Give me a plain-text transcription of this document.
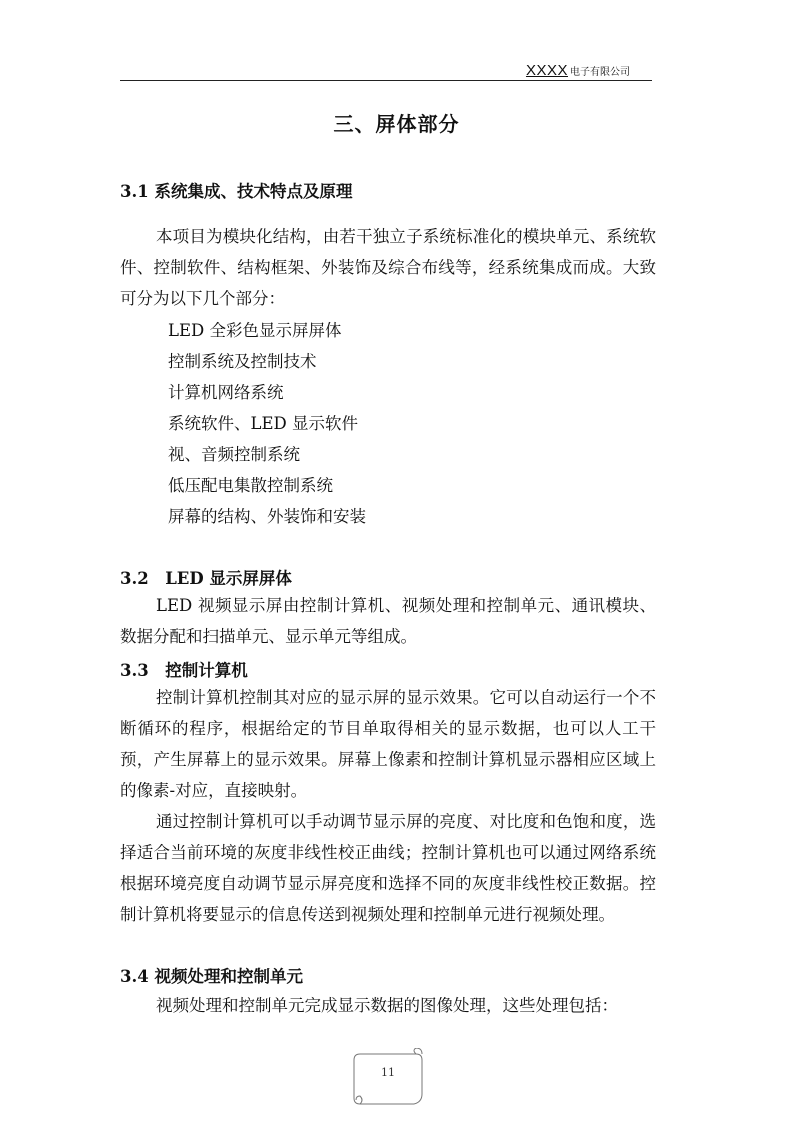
XXXX 电子有限公司
三、屏体部分
3.1 系统集成、技术特点及原理

本项目为模块化结构，由若干独立子系统标准化的模块单元、系统软件、控制软件、结构框架、外装饰及综合布线等，经系统集成而成。大致可分为以下几个部分：

LED 全彩色显示屏屏体
控制系统及控制技术
计算机网络系统
系统软件、LED 显示软件
视、音频控制系统
低压配电集散控制系统
屏幕的结构、外装饰和安装
3.2　LED 显示屏屏体

LED 视频显示屏由控制计算机、视频处理和控制单元、通讯模块、数据分配和扫描单元、显示单元等组成。

3.3　控制计算机

控制计算机控制其对应的显示屏的显示效果。它可以自动运行一个不断循环的程序，根据给定的节目单取得相关的显示数据，也可以人工干预，产生屏幕上的显示效果。屏幕上像素和控制计算机显示器相应区域上的像素-对应，直接映射。

通过控制计算机可以手动调节显示屏的亮度、对比度和色饱和度，选择适合当前环境的灰度非线性校正曲线；控制计算机也可以通过网络系统根据环境亮度自动调节显示屏亮度和选择不同的灰度非线性校正数据。控制计算机将要显示的信息传送到视频处理和控制单元进行视频处理。

3.4 视频处理和控制单元

视频处理和控制单元完成显示数据的图像处理，这些处理包括：

11
